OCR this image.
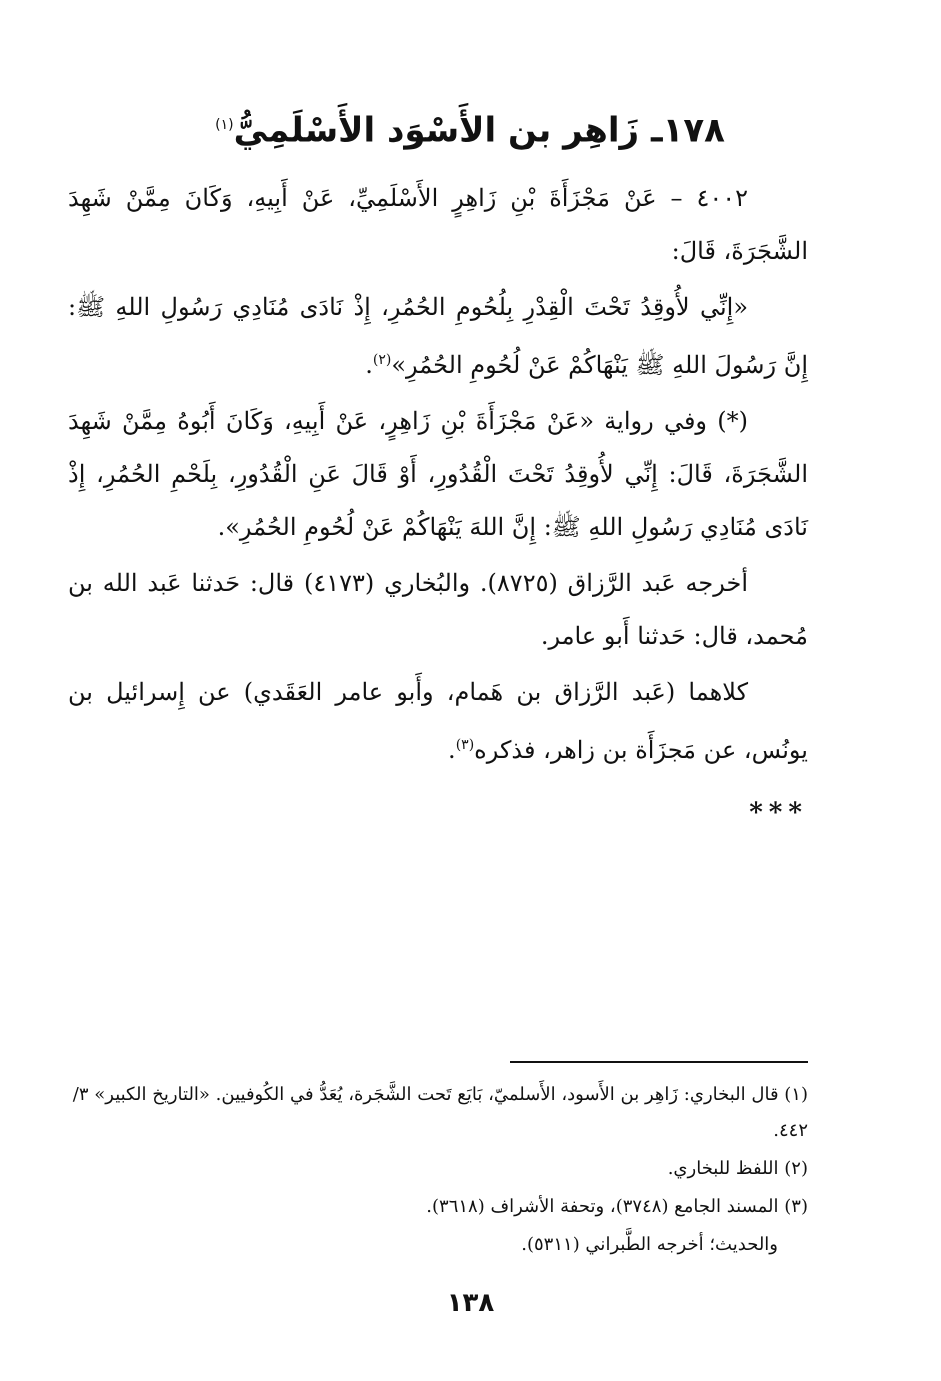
١٧٨ـ زَاهِر بن الأَسْوَد الأَسْلَمِيُّ$^{(١)}$

٤٠٠٢ – عَنْ مَجْزَأَةَ بْنِ زَاهِرٍ الأَسْلَمِيِّ، عَنْ أَبِيهِ، وَكَانَ مِمَّنْ شَهِدَ الشَّجَرَةَ، قَالَ:

«إِنِّي لأُوقِدُ تَحْتَ الْقِدْرِ بِلُحُومِ الحُمُرِ، إِذْ نَادَى مُنَادِي رَسُولِ اللهِ ﷺ: إِنَّ رَسُولَ اللهِ ﷺ يَنْهَاكُمْ عَنْ لُحُومِ الحُمُرِ»$^{(٢)}$.

(*) وفي رواية «عَنْ مَجْزَأَةَ بْنِ زَاهِرٍ، عَنْ أَبِيهِ، وَكَانَ أَبُوهُ مِمَّنْ شَهِدَ الشَّجَرَةَ، قَالَ: إِنِّي لأُوقِدُ تَحْتَ الْقُدُورِ، أَوْ قَالَ عَنِ الْقُدُورِ، بِلَحْمِ الحُمُرِ، إِذْ نَادَى مُنَادِي رَسُولِ اللهِ ﷺ: إِنَّ اللهَ يَنْهَاكُمْ عَنْ لُحُومِ الحُمُرِ».

أخرجه عَبد الرَّزاق (٨٧٢٥). والبُخاري (٤١٧٣) قال: حَدثنا عَبد الله بن مُحمد، قال: حَدثنا أَبو عامر.

كلاهما (عَبد الرَّزاق بن هَمام، وأَبو عامر العَقَدي) عن إِسرائيل بن يونُس، عن مَجزَأَة بن زاهر، فذكره$^{(٣)}$.

***

(١) قال البخاري: زَاهِر بن الأَسود، الأَسلميّ، بَايَع تَحت الشَّجَرة، يُعَدُّ في الكُوفيين. «التاريخ الكبير» ٣/ ٤٤٢.

(٢) اللفظ للبخاري.

(٣) المسند الجامع (٣٧٤٨)، وتحفة الأشراف (٣٦١٨).

والحديث؛ أخرجه الطَّبراني (٥٣١١).

١٣٨
